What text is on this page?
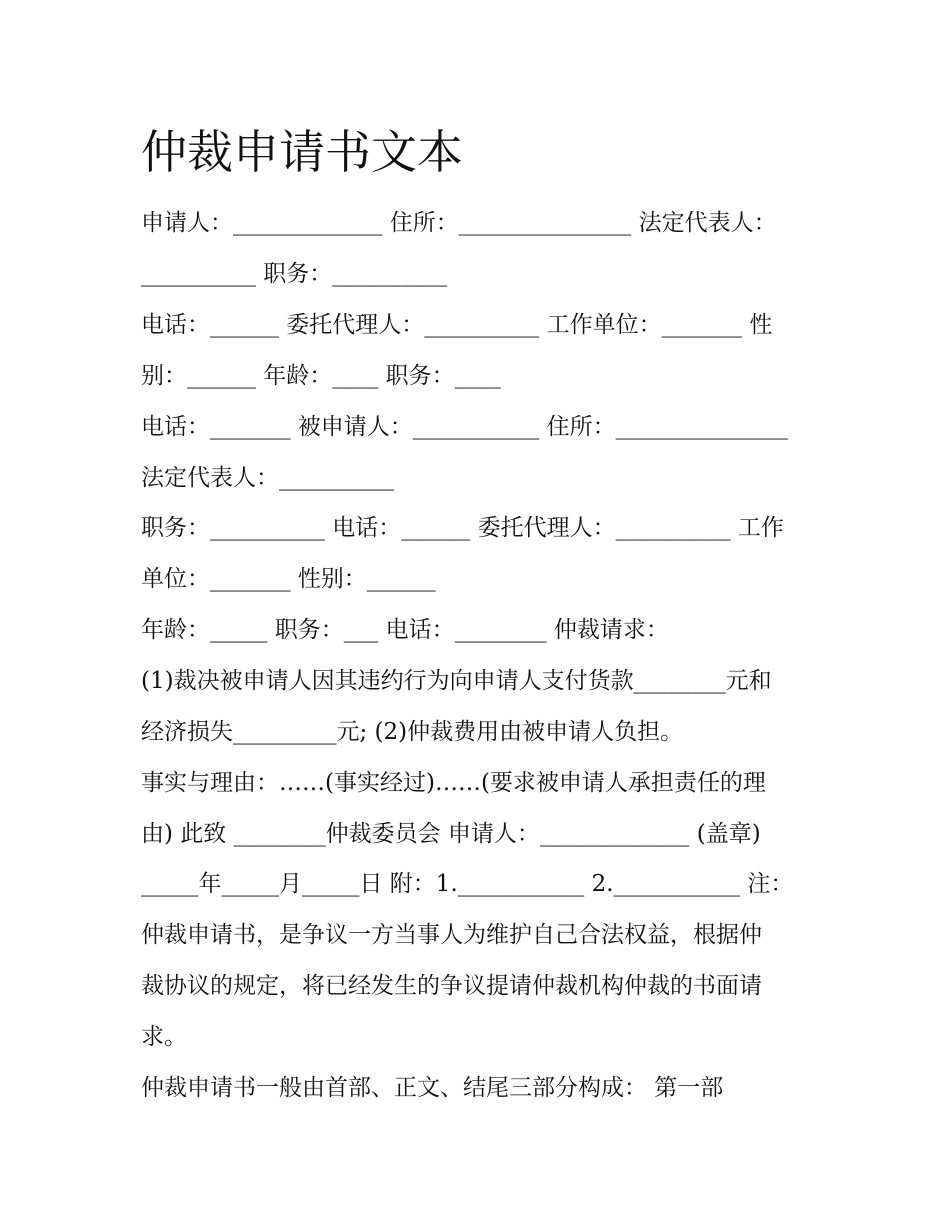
仲裁申请书文本
申请人：_____________ 住所：_______________ 法定代表人：
__________ 职务：__________
电话：______ 委托代理人：__________ 工作单位：_______ 性
别：______ 年龄：____ 职务：____
电话：_______ 被申请人：___________ 住所：_______________
法定代表人：__________
职务：__________ 电话：______ 委托代理人：__________ 工作
单位：_______ 性别：______
年龄：_____ 职务：___ 电话：________ 仲裁请求：
(1)裁决被申请人因其违约行为向申请人支付货款________元和
经济损失_________元; (2)仲裁费用由被申请人负担。
事实与理由：……(事实经过)……(要求被申请人承担责任的理
由) 此致 ________仲裁委员会 申请人：_____________ (盖章)
_____年_____月_____日 附：1.___________ 2.___________ 注：
仲裁申请书，是争议一方当事人为维护自己合法权益，根据仲
裁协议的规定，将已经发生的争议提请仲裁机构仲裁的书面请
求。
仲裁申请书一般由首部、正文、结尾三部分构成： 第一部
